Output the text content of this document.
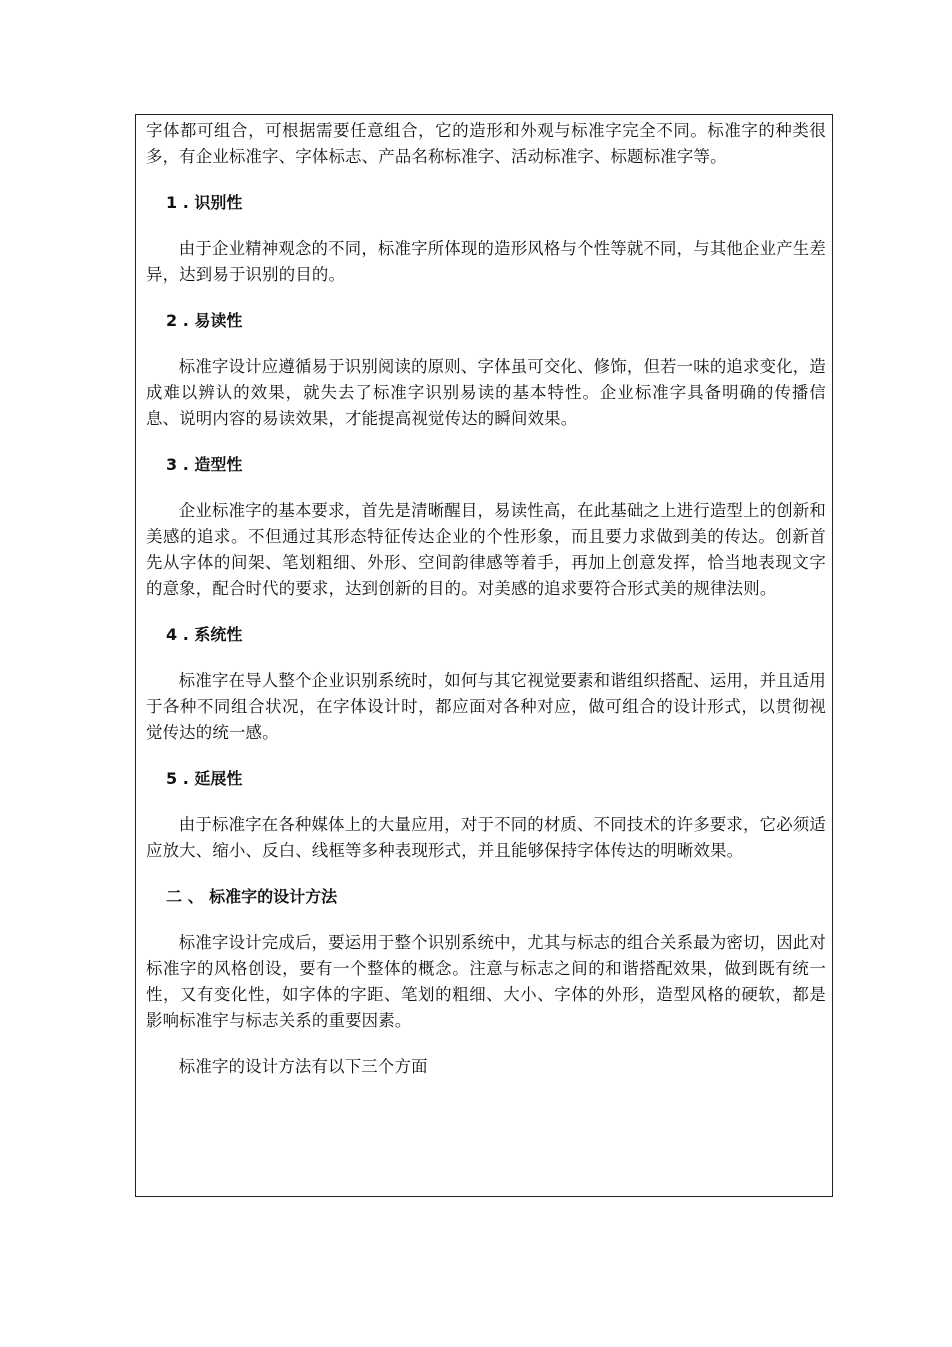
字体都可组合，可根据需要任意组合，它的造形和外观与标准字完全不同。标准字的种类很多，有企业标准字、字体标志、产品名称标准字、活动标准字、标题标准字等。

1 . 识别性

由于企业精神观念的不同，标准字所体现的造形风格与个性等就不同，与其他企业产生差异，达到易于识别的目的。

2 . 易读性

标准字设计应遵循易于识别阅读的原则、字体虽可交化、修饰，但若一味的追求变化，造成难以辨认的效果，就失去了标准字识别易读的基本特性。企业标准字具备明确的传播信息、说明内容的易读效果，才能提高视觉传达的瞬间效果。

3 . 造型性

企业标准字的基本要求，首先是清晰醒目，易读性高，在此基础之上进行造型上的创新和美感的追求。不但通过其形态特征传达企业的个性形象，而且要力求做到美的传达。创新首先从字体的间架、笔划粗细、外形、空间韵律感等着手，再加上创意发挥，恰当地表现文字的意象，配合时代的要求，达到创新的目的。对美感的追求要符合形式美的规律法则。

4 . 系统性

标准字在导人整个企业识别系统时，如何与其它视觉要素和谐组织搭配、运用，并且适用于各种不同组合状况，在字体设计时，都应面对各种对应，做可组合的设计形式，以贯彻视觉传达的统一感。

5 . 延展性

由于标准字在各种媒体上的大量应用，对于不同的材质、不同技术的许多要求，它必须适应放大、缩小、反白、线框等多种表现形式，并且能够保持字体传达的明晰效果。

二 、 标准字的设计方法

标准字设计完成后，要运用于整个识别系统中，尤其与标志的组合关系最为密切，因此对标准字的风格创设，要有一个整体的概念。注意与标志之间的和谐搭配效果，做到既有统一性，又有变化性，如字体的字距、笔划的粗细、大小、字体的外形，造型风格的硬软，都是影响标准宇与标志关系的重要因素。

标准字的设计方法有以下三个方面
